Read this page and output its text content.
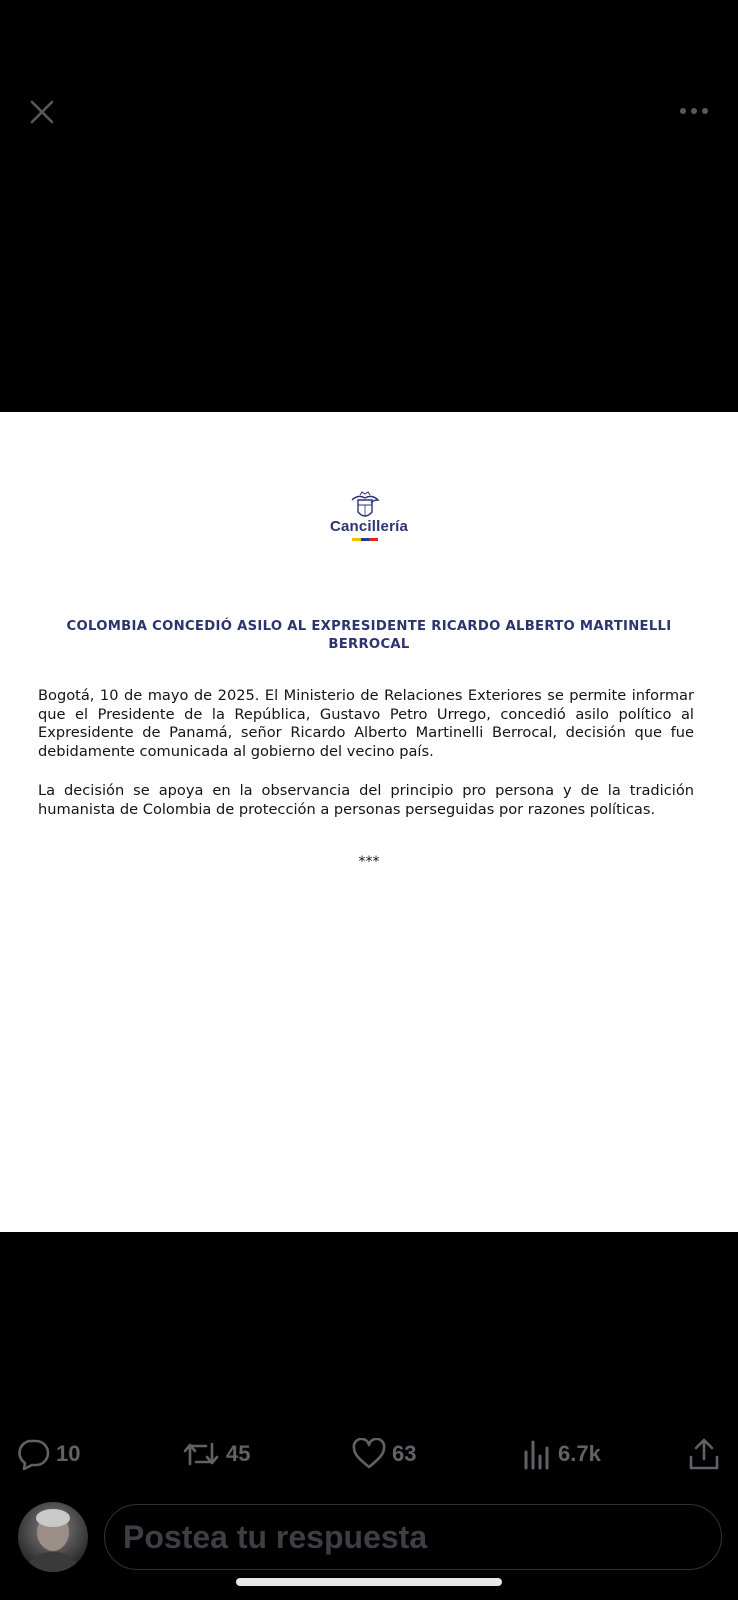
Cancillería
COLOMBIA CONCEDIÓ ASILO AL EXPRESIDENTE RICARDO ALBERTO MARTINELLI BERROCAL
Bogotá, 10 de mayo de 2025. El Ministerio de Relaciones Exteriores se permite informar que el Presidente de la República, Gustavo Petro Urrego, concedió asilo político al Expresidente de Panamá, señor Ricardo Alberto Martinelli Berrocal, decisión que fue debidamente comunicada al gobierno del vecino país.
La decisión se apoya en la observancia del principio pro persona y de la tradición humanista de Colombia de protección a personas perseguidas por razones políticas.
***
10	45	63	6.7k
Postea tu respuesta
